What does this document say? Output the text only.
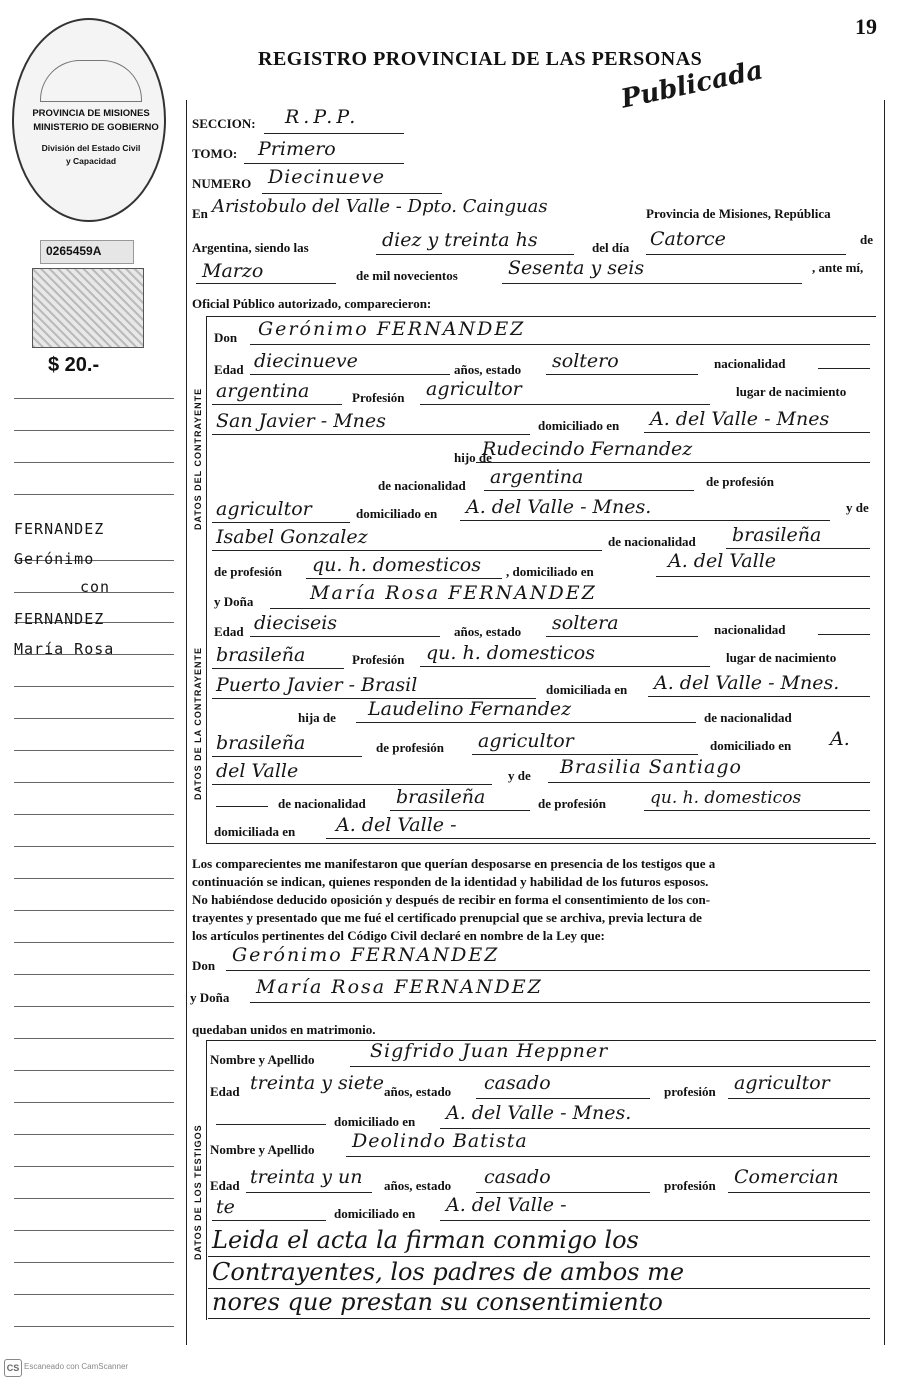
19
REGISTRO PROVINCIAL DE LAS PERSONAS
Publicada
PROVINCIA DE MISIONES
MINISTERIO DE GOBIERNO
División del Estado Civil
y Capacidad
0265459A
$ 20.-
FERNANDEZ
Gerónimo
con
FERNANDEZ
María Rosa
SECCION: R.P.P.
TOMO: Primero
NUMERO Diecinueve
En Aristobulo del Valle - Dpto. Cainguas	Provincia de Misiones, República
Argentina, siendo las	diez y treinta hs	del día Catorce	de
Marzo	de mil novecientos	Sesenta y seis	, ante mí,
Oficial Público autorizado, comparecieron:
DATOS DEL CONTRAYENTE
DATOS DE LA CONTRAYENTE
Don Gerónimo FERNANDEZ
Edad diecinueve	años, estado soltero	nacionalidad
argentina	Profesión agricultor	lugar de nacimiento
San Javier - Mnes	domiciliado en A. del Valle - Mnes
hijo de
Rudecindo Fernandez
de nacionalidad argentina	de profesión
agricultor	domiciliado en A. del Valle - Mnes.	y de
Isabel Gonzalez	de nacionalidad brasileña
de profesión qu. h. domesticos , domiciliado en	A. del Valle
y Doña	María Rosa FERNANDEZ
Edad dieciseis	años, estado soltera	nacionalidad
brasileña	Profesión qu. h. domesticos	lugar de nacimiento
Puerto Javier - Brasil	domiciliada en A. del Valle - Mnes.
hija de Laudelino Fernandez	de nacionalidad
brasileña	de profesión agricultor	domiciliado en A.
del Valle	y de Brasilia Santiago
de nacionalidad brasileña	de profesión	qu. h. domesticos
domiciliada en A. del Valle -
Los comparecientes me manifestaron que querían desposarse en presencia de los testigos que a
continuación se indican, quienes responden de la identidad y habilidad de los futuros esposos.
No habiéndose deducido oposición y después de recibir en forma el consentimiento de los con-
trayentes y presentado que me fué el certificado prenupcial que se archiva, previa lectura de
los artículos pertinentes del Código Civil declaré en nombre de la Ley que:
Don Gerónimo FERNANDEZ
y Doña María Rosa FERNANDEZ
quedaban unidos en matrimonio.
DATOS DE LOS TESTIGOS
Nombre y Apellido	Sigfrido Juan Heppner
Edad treinta y siete años, estado casado	profesión agricultor
domiciliado en A. del Valle - Mnes.
Nombre y Apellido Deolindo Batista
Edad treinta y un años, estado casado	profesión Comercian
te	domiciliado en A. del Valle -
Leida el acta la firman conmigo los
Contrayentes, los padres de ambos me
nores que prestan su consentimiento
CS Escaneado con CamScanner
